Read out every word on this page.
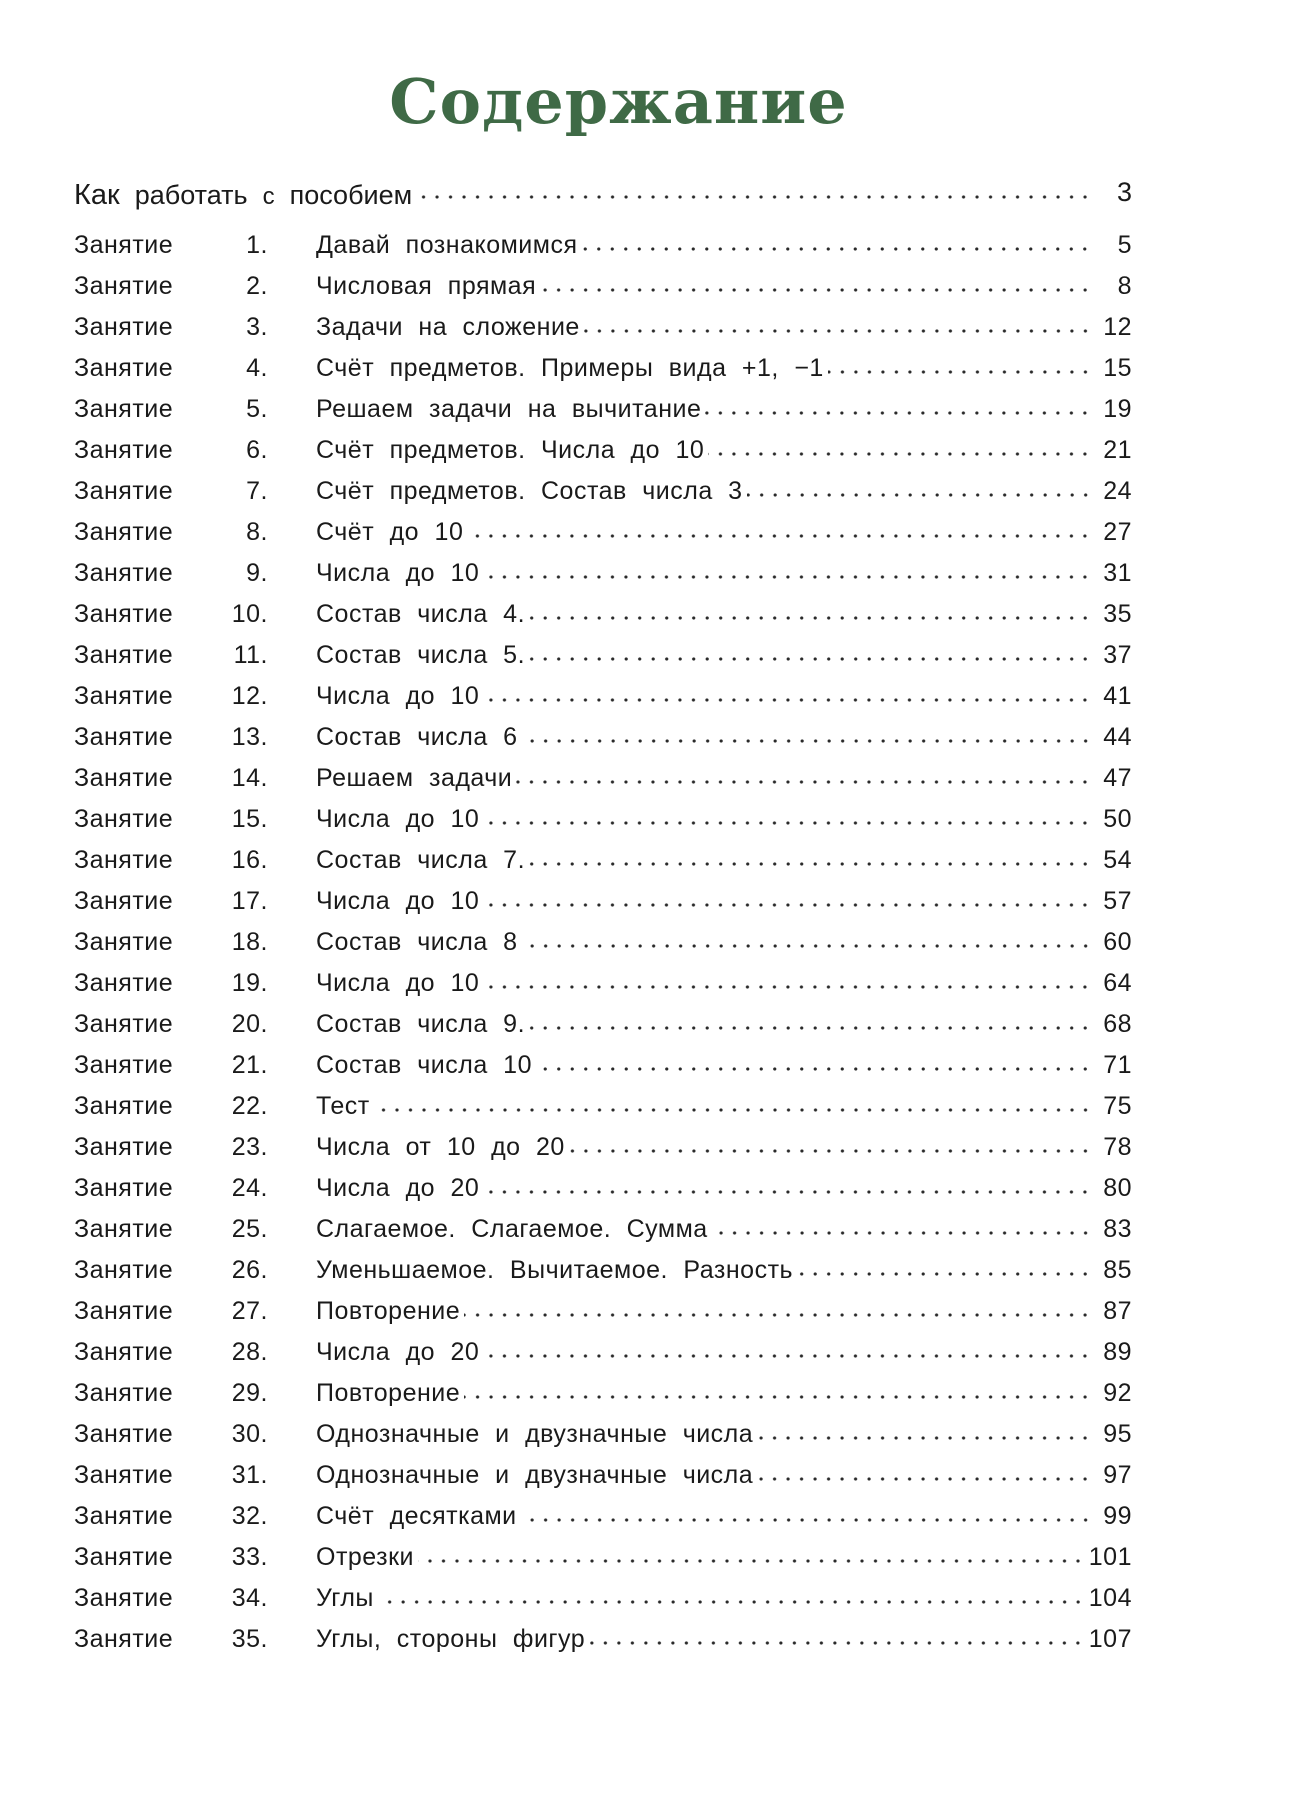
Содержание
Как работать с пособием	3
Занятие	1.	Давай познакомимся	5
Занятие	2.	Числовая прямая	8
Занятие	3.	Задачи на сложение	12
Занятие	4.	Счёт предметов. Примеры вида +1, −1	15
Занятие	5.	Решаем задачи на вычитание	19
Занятие	6.	Счёт предметов. Числа до 10	21
Занятие	7.	Счёт предметов. Состав числа 3	24
Занятие	8.	Счёт до 10	27
Занятие	9.	Числа до 10	31
Занятие	10.	Состав числа 4.	35
Занятие	11.	Состав числа 5.	37
Занятие	12.	Числа до 10	41
Занятие	13.	Состав числа 6	44
Занятие	14.	Решаем задачи	47
Занятие	15.	Числа до 10	50
Занятие	16.	Состав числа 7.	54
Занятие	17.	Числа до 10	57
Занятие	18.	Состав числа 8	60
Занятие	19.	Числа до 10	64
Занятие	20.	Состав числа 9.	68
Занятие	21.	Состав числа 10	71
Занятие	22.	Тест	75
Занятие	23.	Числа от 10 до 20	78
Занятие	24.	Числа до 20	80
Занятие	25.	Слагаемое. Слагаемое. Сумма	83
Занятие	26.	Уменьшаемое. Вычитаемое. Разность	85
Занятие	27.	Повторение	87
Занятие	28.	Числа до 20	89
Занятие	29.	Повторение	92
Занятие	30.	Однозначные и двузначные числа	95
Занятие	31.	Однозначные и двузначные числа	97
Занятие	32.	Счёт десятками	99
Занятие	33.	Отрезки	101
Занятие	34.	Углы	104
Занятие	35.	Углы, стороны фигур	107
